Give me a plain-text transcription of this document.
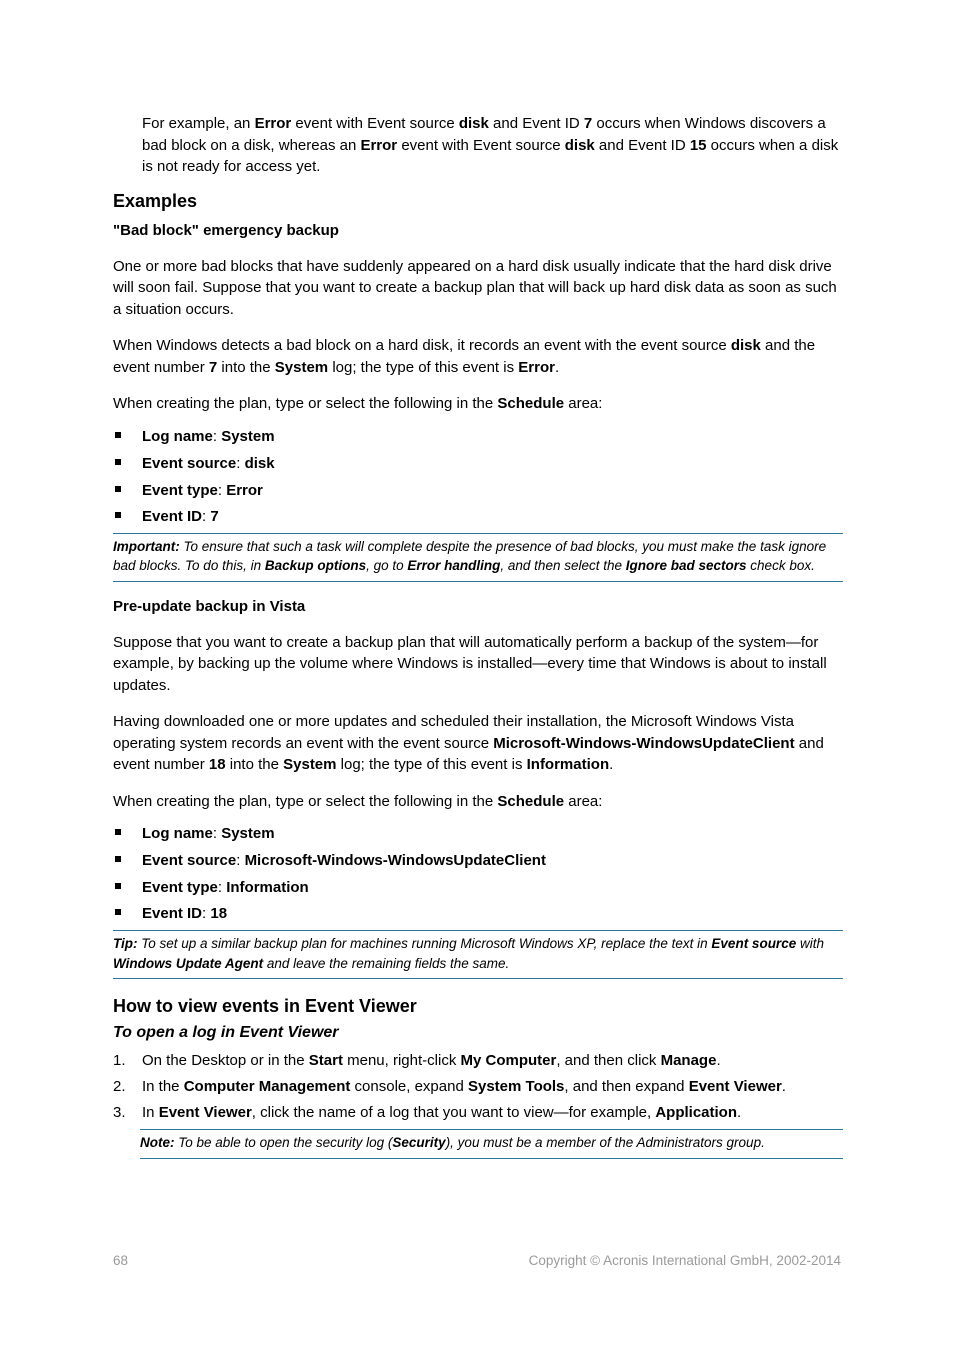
For example, an Error event with Event source disk and Event ID 7 occurs when Windows discovers a bad block on a disk, whereas an Error event with Event source disk and Event ID 15 occurs when a disk is not ready for access yet.

Examples
"Bad block" emergency backup

One or more bad blocks that have suddenly appeared on a hard disk usually indicate that the hard disk drive will soon fail. Suppose that you want to create a backup plan that will back up hard disk data as soon as such a situation occurs.

When Windows detects a bad block on a hard disk, it records an event with the event source disk and the event number 7 into the System log; the type of this event is Error.

When creating the plan, type or select the following in the Schedule area:

Log name: System
Event source: disk
Event type: Error
Event ID: 7
Important: To ensure that such a task will complete despite the presence of bad blocks, you must make the task ignore bad blocks. To do this, in Backup options, go to Error handling, and then select the Ignore bad sectors check box.
Pre-update backup in Vista

Suppose that you want to create a backup plan that will automatically perform a backup of the system—for example, by backing up the volume where Windows is installed—every time that Windows is about to install updates.

Having downloaded one or more updates and scheduled their installation, the Microsoft Windows Vista operating system records an event with the event source Microsoft-Windows-WindowsUpdateClient and event number 18 into the System log; the type of this event is Information.

When creating the plan, type or select the following in the Schedule area:

Log name: System
Event source: Microsoft-Windows-WindowsUpdateClient
Event type: Information
Event ID: 18
Tip: To set up a similar backup plan for machines running Microsoft Windows XP, replace the text in Event source with Windows Update Agent and leave the remaining fields the same.
How to view events in Event Viewer
To open a log in Event Viewer
1. On the Desktop or in the Start menu, right-click My Computer, and then click Manage.
2. In the Computer Management console, expand System Tools, and then expand Event Viewer.
3. In Event Viewer, click the name of a log that you want to view—for example, Application.
Note: To be able to open the security log (Security), you must be a member of the Administrators group.
68	Copyright © Acronis International GmbH, 2002-2014
